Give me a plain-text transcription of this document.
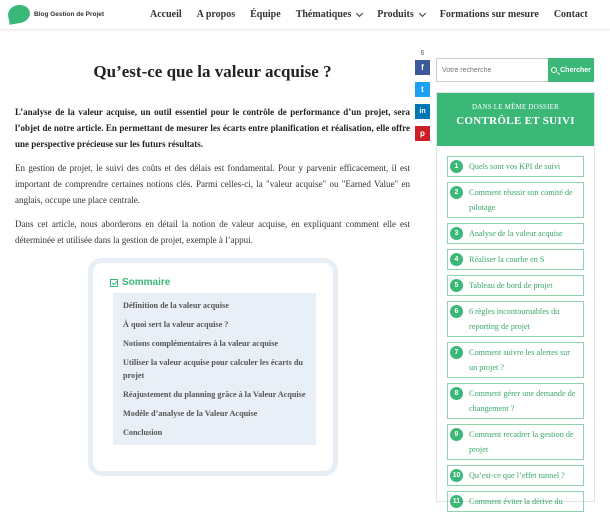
Blog Gestion de Projet	Accueil A propos Équipe Thématiques	Produits	Formations sur mesure Contact
Qu’est-ce que la valeur acquise ?

L’analyse de la valeur acquise, un outil essentiel pour le contrôle de performance d’un projet, sera l’objet de notre article. En permettant de mesurer les écarts entre planification et réalisation, elle offre une perspective précieuse sur les futurs résultats.

En gestion de projet, le suivi des coûts et des délais est fondamental. Pour y parvenir efficacement, il est important de comprendre certaines notions clés. Parmi celles-ci, la "valeur acquise" ou "Earned Value" en anglais, occupe une place centrale.

Dans cet article, nous aborderons en détail la notion de valeur acquise, en expliquant comment elle est déterminée et utilisée dans la gestion de projet, exemple à l’appui.

6
f
t
in
p
Sommaire
Définition de la valeur acquise
À quoi sert la valeur acquise ?
Notions complémentaires à la valeur acquise
Utiliser la valeur acquise pour calculer les écarts du projet
Réajustement du planning grâce à la Valeur Acquise
Modèle d’analyse de la Valeur Acquise
Conclusion
Votre recherche
Chercher
DANS LE MÊME DOSSIER
CONTRÔLE ET SUIVI
1	Quels sont vos KPI de suivi
2	Comment réussir son comité de pilotage
3	Analyse de la valeur acquise
4	Réaliser la courbe en S
5	Tableau de bord de projet
6	6 règles incontournables du reporting de projet
7	Comment suivre les alertes sur un projet ?
8	Comment gérer une demande de changement ?
9	Comment recadrer la gestion de projet
10	Qu’est-ce que l’effet tunnel ?
11	Comment éviter la dérive du
